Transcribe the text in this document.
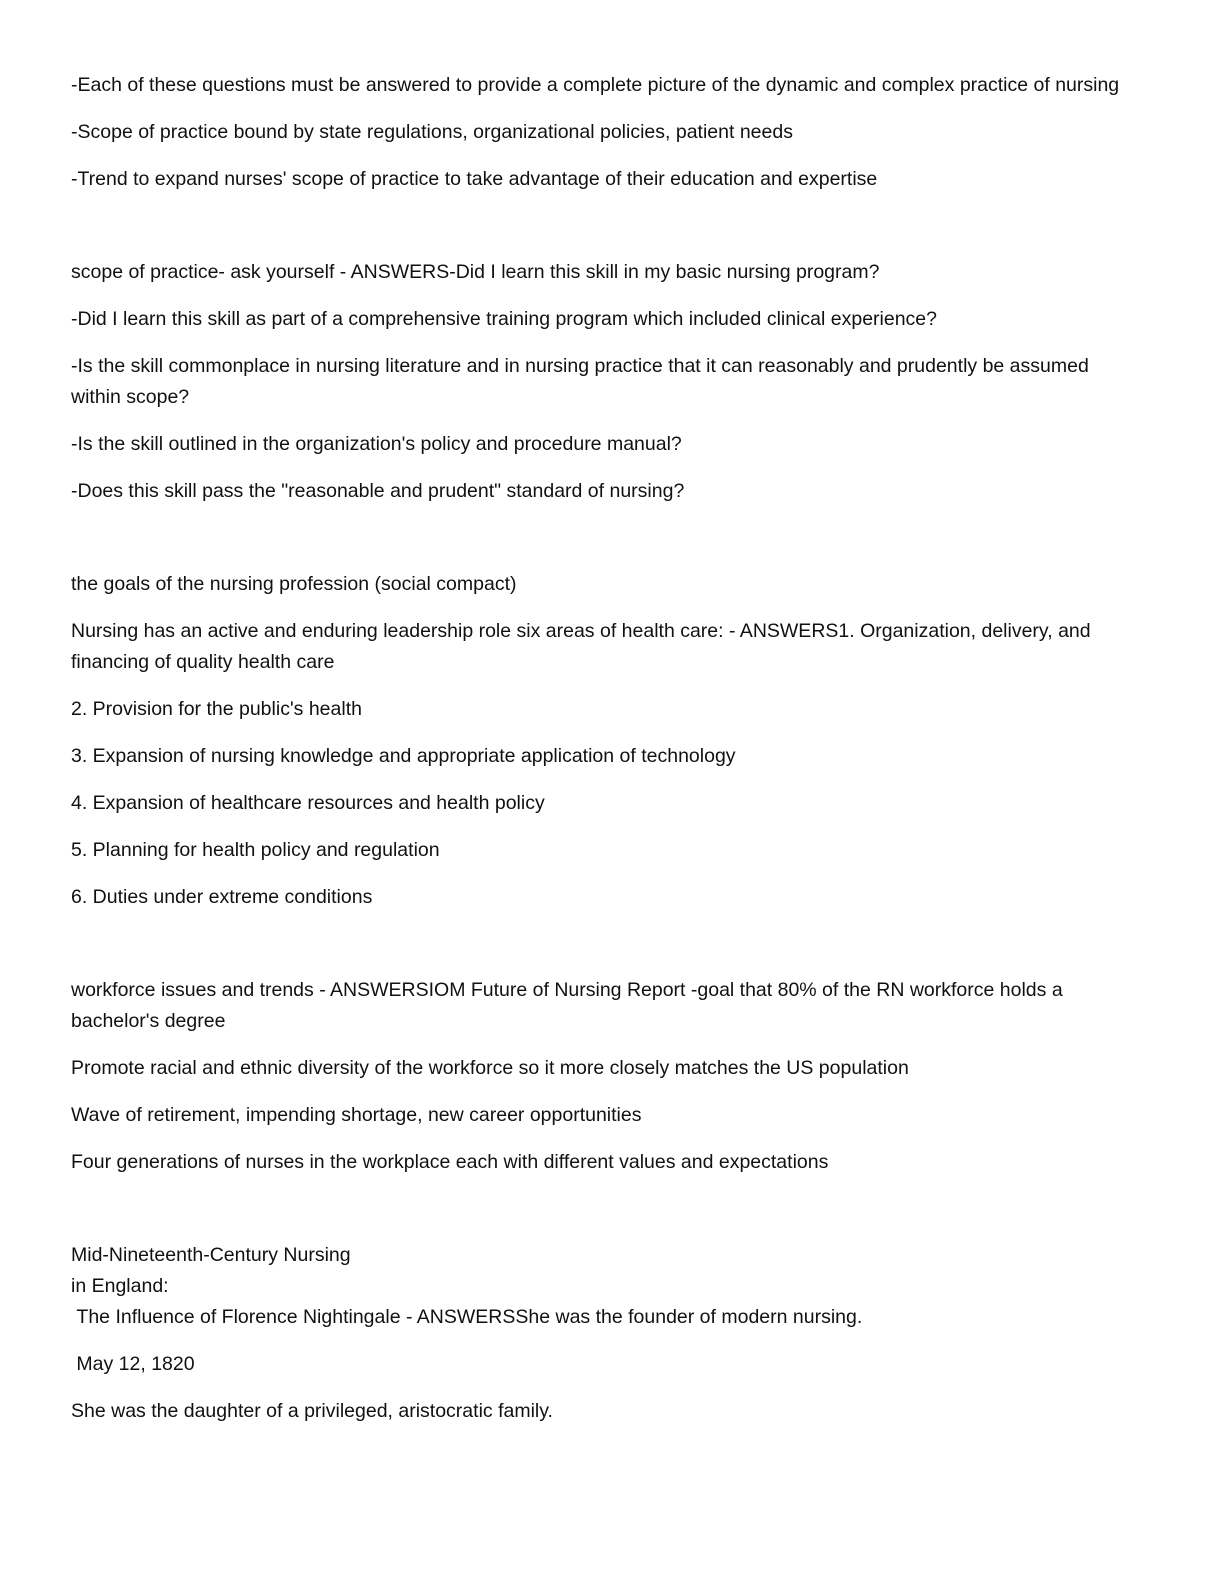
-Each of these questions must be answered to provide a complete picture of the dynamic and complex practice of nursing

-Scope of practice bound by state regulations, organizational policies, patient needs

-Trend to expand nurses' scope of practice to take advantage of their education and expertise

scope of practice- ask yourself - ANSWERS-Did I learn this skill in my basic nursing program?

-Did I learn this skill as part of a comprehensive training program which included clinical experience?

-Is the skill commonplace in nursing literature and in nursing practice that it can reasonably and prudently be assumed within scope?

-Is the skill outlined in the organization's policy and procedure manual?

-Does this skill pass the "reasonable and prudent" standard of nursing?

the goals of the nursing profession (social compact)

Nursing has an active and enduring leadership role six areas of health care: - ANSWERS1. Organization, delivery, and financing of quality health care

2. Provision for the public's health

3. Expansion of nursing knowledge and appropriate application of technology

4. Expansion of healthcare resources and health policy

5. Planning for health policy and regulation

6. Duties under extreme conditions

workforce issues and trends - ANSWERSIOM Future of Nursing Report -goal that 80% of the RN workforce holds a bachelor's degree

Promote racial and ethnic diversity of the workforce so it more closely matches the US population

Wave of retirement, impending shortage, new career opportunities

Four generations of nurses in the workplace each with different values and expectations

Mid-Nineteenth-Century Nursing

in England:

The Influence of Florence Nightingale - ANSWERSShe was the founder of modern nursing.

May 12, 1820

She was the daughter of a privileged, aristocratic family.
